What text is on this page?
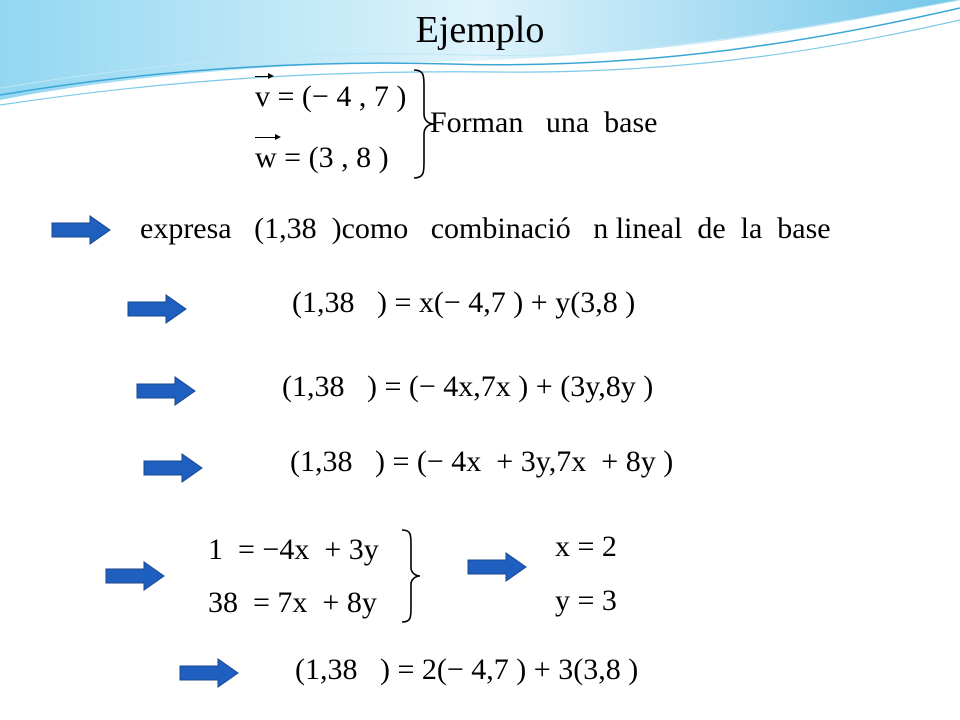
Ejemplo
v = (− 4 , 7 )
w = (3 , 8 )
Forman   una  base
expresa   (1,38  )como   combinació   n lineal  de  la  base
(1,38   ) = x(− 4,7 ) + y(3,8 )
(1,38   ) = (− 4x,7x ) + (3y,8y )
(1,38   ) = (− 4x  + 3y,7x  + 8y )
1  = −4x  + 3y
38  = 7x  + 8y
x = 2
y = 3
(1,38   ) = 2(− 4,7 ) + 3(3,8 )
